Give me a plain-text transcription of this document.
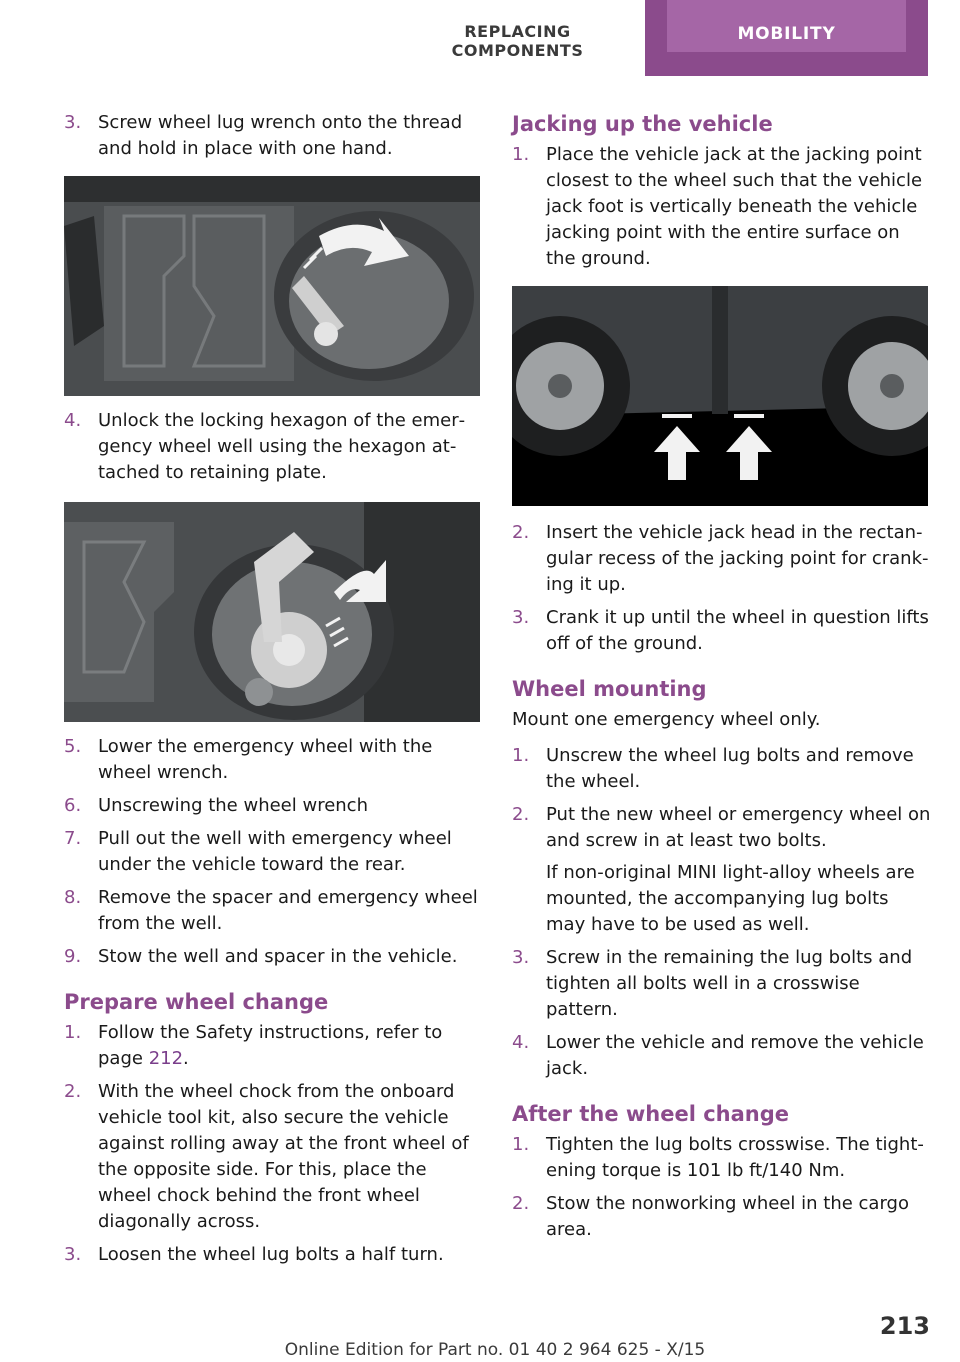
REPLACING COMPONENTS
MOBILITY
3. Screw wheel lug wrench onto the thread and hold in place with one hand.
4. Unlock the locking hexagon of the emergency wheel well using the hexagon attached to retaining plate.
5. Lower the emergency wheel with the wheel wrench.
6. Unscrewing the wheel wrench
7. Pull out the well with emergency wheel under the vehicle toward the rear.
8. Remove the spacer and emergency wheel from the well.
9. Stow the well and spacer in the vehicle.
Prepare wheel change
1. Follow the Safety instructions, refer to page 212.
2. With the wheel chock from the onboard vehicle tool kit, also secure the vehicle against rolling away at the front wheel of the opposite side. For this, place the wheel chock behind the front wheel diagonally across.
3. Loosen the wheel lug bolts a half turn.
Jacking up the vehicle
1. Place the vehicle jack at the jacking point closest to the wheel such that the vehicle jack foot is vertically beneath the vehicle jacking point with the entire surface on the ground.
2. Insert the vehicle jack head in the rectangular recess of the jacking point for cranking it up.
3. Crank it up until the wheel in question lifts off of the ground.
Wheel mounting
Mount one emergency wheel only.
1. Unscrew the wheel lug bolts and remove the wheel.
2. Put the new wheel or emergency wheel on and screw in at least two bolts.
If non-original MINI light-alloy wheels are mounted, the accompanying lug bolts may have to be used as well.
3. Screw in the remaining the lug bolts and tighten all bolts well in a crosswise pattern.
4. Lower the vehicle and remove the vehicle jack.
After the wheel change
1. Tighten the lug bolts crosswise. The tightening torque is 101 lb ft/140 Nm.
2. Stow the nonworking wheel in the cargo area.
213
Online Edition for Part no. 01 40 2 964 625 - X/15
